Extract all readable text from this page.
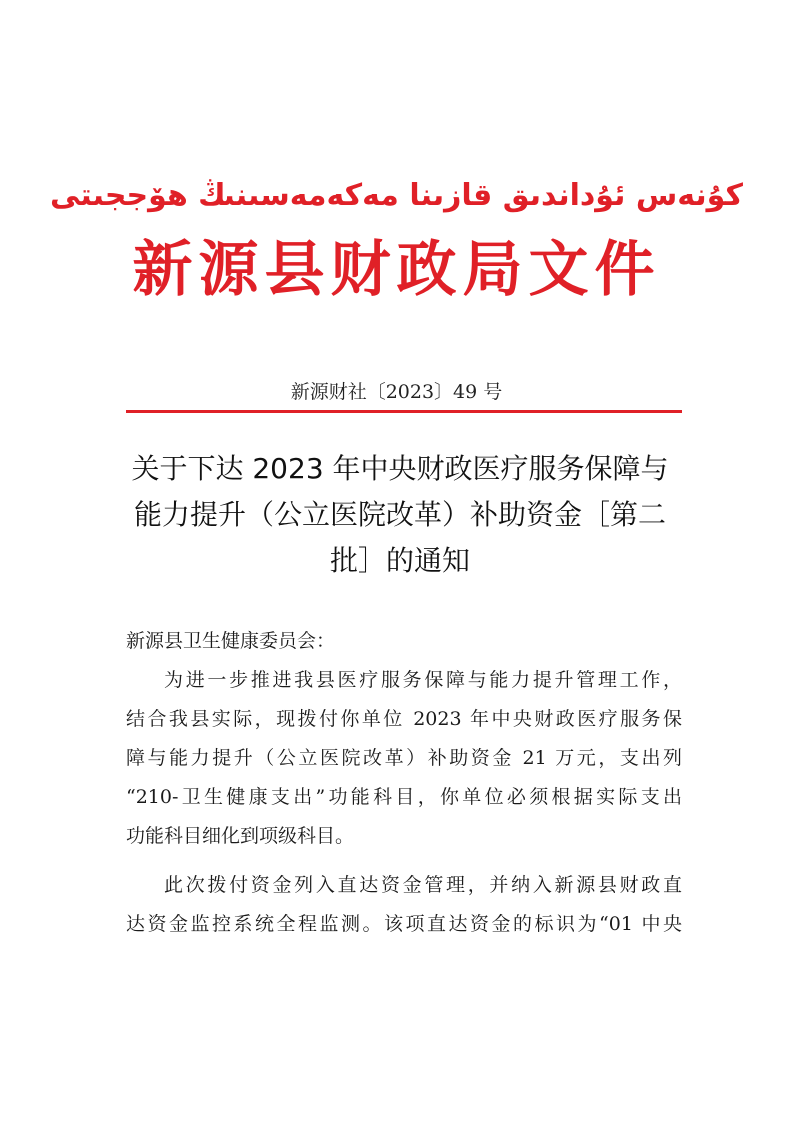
كۇنەس ئۇداندىق قازىنا مەكەمەسىنىڭ ھۆججىتى
新源县财政局文件
新源财社〔2023〕49 号
关于下达 2023 年中央财政医疗服务保障与
能力提升（公立医院改革）补助资金［第二
批］的通知
新源县卫生健康委员会：
为进一步推进我县医疗服务保障与能力提升管理工作，
结合我县实际，现拨付你单位 2023 年中央财政医疗服务保
障与能力提升（公立医院改革）补助资金 21 万元，支出列
“210-卫生健康支出”功能科目，你单位必须根据实际支出
功能科目细化到项级科目。
此次拨付资金列入直达资金管理，并纳入新源县财政直
达资金监控系统全程监测。该项直达资金的标识为“01 中央
